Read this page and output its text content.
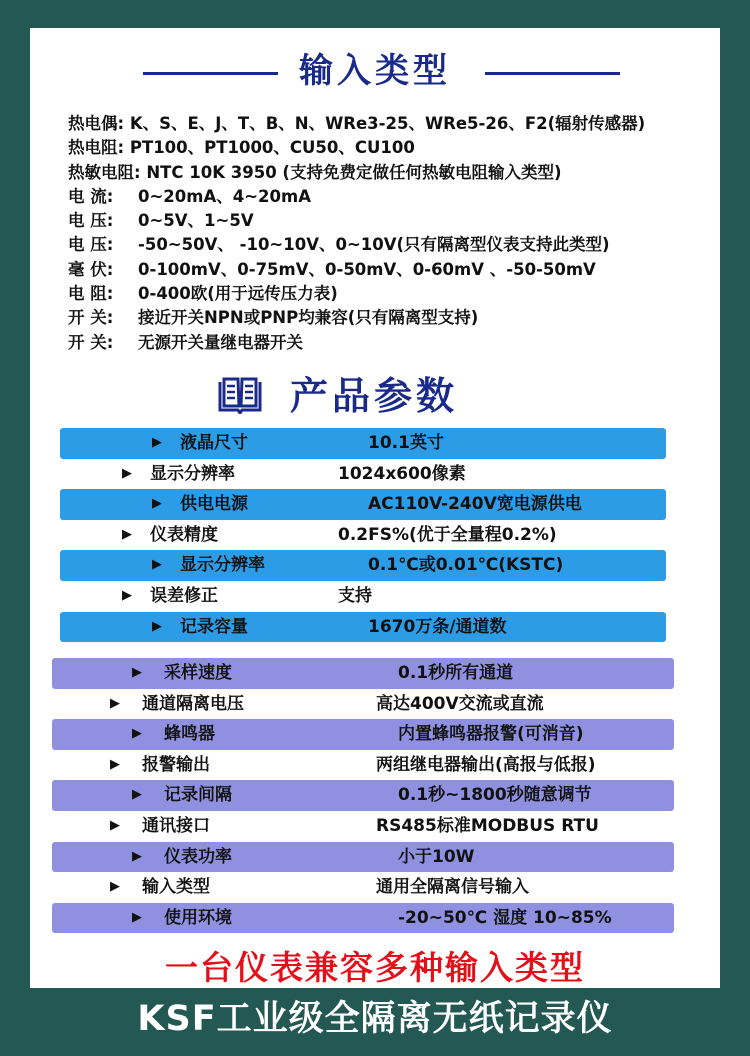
输入类型
热电偶: K、S、E、J、T、B、N、WRe3-25、WRe5-26、F2(辐射传感器)
热电阻: PT100、PT1000、CU50、CU100
热敏电阻: NTC 10K 3950 (支持免费定做任何热敏电阻输入类型)
电 流: 0~20mA、4~20mA
电 压: 0~5V、1~5V
电 压: -50~50V、 -10~10V、0~10V(只有隔离型仪表支持此类型)
毫 伏: 0-100mV、0-75mV、0-50mV、0-60mV 、-50-50mV
电 阻: 0-400欧(用于远传压力表)
开 关: 接近开关NPN或PNP均兼容(只有隔离型支持)
开 关: 无源开关量继电器开关
产品参数
▶ 液晶尺寸	10.1英寸
▶ 显示分辨率	1024x600像素
▶ 供电电源	AC110V-240V宽电源供电
▶ 仪表精度	0.2FS%(优于全量程0.2%)
▶ 显示分辨率	0.1℃或0.01℃(KSTC)
▶ 误差修正	支持
▶ 记录容量	1670万条/通道数
▶ 采样速度	0.1秒所有通道
▶ 通道隔离电压	高达400V交流或直流
▶ 蜂鸣器	内置蜂鸣器报警(可消音)
▶ 报警输出	两组继电器输出(高报与低报)
▶ 记录间隔	0.1秒~1800秒随意调节
▶ 通讯接口	RS485标准MODBUS RTU
▶ 仪表功率	小于10W
▶ 输入类型	通用全隔离信号输入
▶ 使用环境	-20~50℃ 湿度 10~85%
一台仪表兼容多种输入类型
KSF工业级全隔离无纸记录仪
